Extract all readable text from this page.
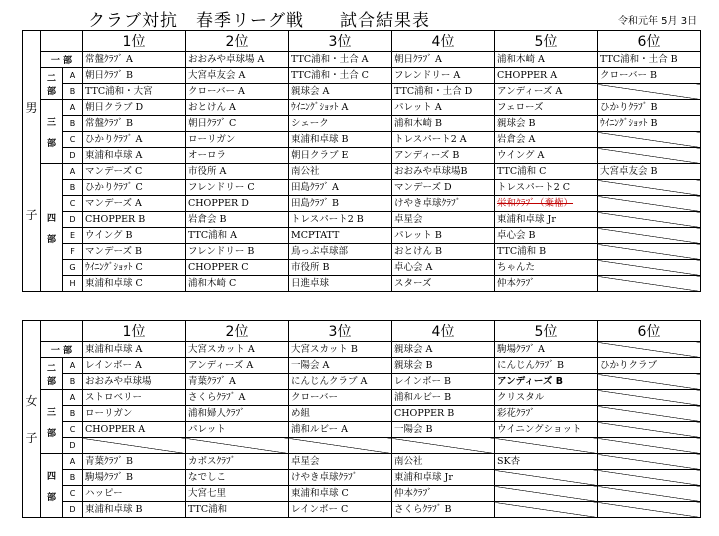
クラブ対抗　春季リーグ戦　　試合結果表	令和元年 5月 3日
男
子			1位	2位	3位	4位	5位	6位
	一 部		常盤ｸﾗﾌﾞ A	おおみや卓球場 A	TTC浦和・土合 A	朝日ｸﾗﾌﾞ A	浦和木崎 A	TTC浦和・土合 B

	二
部	A	朝日ｸﾗﾌﾞ B	大宮卓友会 A	TTC浦和・土合 C	フレンドリー A	CHOPPER A	クローバー B
		B	TTC浦和・大宮	クローバー A	親球会 A	TTC浦和・土合 D	アンディーズ A	

	三
部	A	朝日クラブ D	おとけん A	ｳｲﾆﾝｸﾞｼｮｯﾄ A	パレット A	フェローズ	ひかりｸﾗﾌﾞ B
		B	常盤ｸﾗﾌﾞ B	朝日ｸﾗﾌﾞ C	シェーク	浦和木崎 B	親球会 B	ｳｲﾆﾝｸﾞｼｮｯﾄ B
		C	ひかりｸﾗﾌﾞ A	ローリガン	東浦和卓球 B	トレスパート2 A	岩倉会 A	
		D	東浦和卓球 A	オーロラ	朝日クラブ E	アンディーズ B	ウイング A	

	四
部	A	マンデーズ C	市役所 A	南公社	おおみや卓球場B	TTC浦和 C	大宮卓友会 B
		B	ひかりｸﾗﾌﾞ C	フレンドリー C	田島ｸﾗﾌﾞ A	マンデーズ D	トレスパート2 C	
		C	マンデーズ A	CHOPPER D	田島ｸﾗﾌﾞ B	けやき卓球ｸﾗﾌﾞ	栄和ｸﾗﾌﾞ（棄権）	
		D	CHOPPER B	岩倉会 B	トレスパート2 B	卓星会	東浦和卓球 Jr	
		E	ウイング B	TTC浦和 A	MCPTATT	パレット B	卓心会 B	
		F	マンデーズ B	フレンドリー B	鳥っぷ卓球部	おとけん B	TTC浦和 B	
		G	ｳｲﾆﾝｸﾞｼｮｯﾄ C	CHOPPER C	市役所 B	卓心会 A	ちゃんた	
		H	東浦和卓球 C	浦和木崎 C	日進卓球	スターズ	仲本ｸﾗﾌﾞ	
女
子			1位	2位	3位	4位	5位	6位
	一 部		東浦和卓球 A	大宮スカット A	大宮スカット B	親球会 A	駒場ｸﾗﾌﾞ A	

	二
部	A	レインボー A	アンディーズ A	一陽会 A	親球会 B	にんじんｸﾗﾌﾞ B	ひかりクラブ
		B	おおみや卓球場	青葉ｸﾗﾌﾞ A	にんじんクラブ A	レインボー B	アンディーズ B	

	三
部	A	ストロベリー	さくらｸﾗﾌﾞ A	クローバー	浦和ルビー B	クリスタル	
		B	ローリガン	浦和婦人ｸﾗﾌﾞ	め組	CHOPPER B	彩花ｸﾗﾌﾞ	
		C	CHOPPER A	パレット	浦和ルビー A	一陽会 B	ウイニングショット	
		D						

	四
部	A	青葉ｸﾗﾌﾞ B	カボスｸﾗﾌﾞ	卓星会	南公社	SK杏	
		B	駒場ｸﾗﾌﾞ B	なでしこ	けやき卓球ｸﾗﾌﾞ	東浦和卓球 Jr		
		C	ハッピー	大宮七里	東浦和卓球 C	仲本ｸﾗﾌﾞ		
		D	東浦和卓球 B	TTC浦和	レインボー C	さくらｸﾗﾌﾞ B		
